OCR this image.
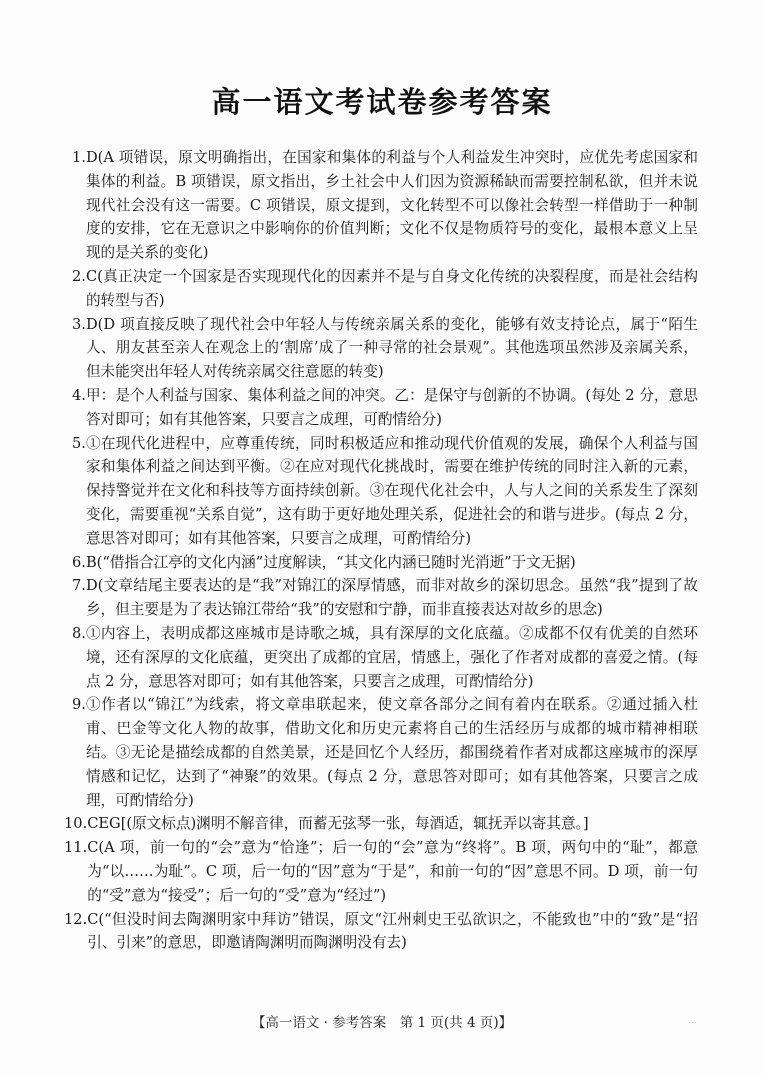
高一语文考试卷参考答案
1. D(A 项错误，原文明确指出，在国家和集体的利益与个人利益发生冲突时，应优先考虑国家和集体的利益。B 项错误，原文指出，乡土社会中人们因为资源稀缺而需要控制私欲，但并未说现代社会没有这一需要。C 项错误，原文提到，文化转型不可以像社会转型一样借助于一种制度的安排，它在无意识之中影响你的价值判断；文化不仅是物质符号的变化，最根本意义上呈现的是关系的变化)
2. C(真正决定一个国家是否实现现代化的因素并不是与自身文化传统的决裂程度，而是社会结构的转型与否)
3. D(D 项直接反映了现代社会中年轻人与传统亲属关系的变化，能够有效支持论点，属于“陌生人、朋友甚至亲人在观念上的‘割席’成了一种寻常的社会景观”。其他选项虽然涉及亲属关系，但未能突出年轻人对传统亲属交往意愿的转变)
4. 甲：是个人利益与国家、集体利益之间的冲突。乙：是保守与创新的不协调。(每处 2 分，意思答对即可；如有其他答案，只要言之成理，可酌情给分)
5. ①在现代化进程中，应尊重传统，同时积极适应和推动现代价值观的发展，确保个人利益与国家和集体利益之间达到平衡。②在应对现代化挑战时，需要在维护传统的同时注入新的元素，保持警觉并在文化和科技等方面持续创新。③在现代化社会中，人与人之间的关系发生了深刻变化，需要重视“关系自觉”，这有助于更好地处理关系，促进社会的和谐与进步。(每点 2 分，意思答对即可；如有其他答案，只要言之成理，可酌情给分)
6. B(“借指合江亭的文化内涵”过度解读，“其文化内涵已随时光消逝”于文无据)
7. D(文章结尾主要表达的是“我”对锦江的深厚情感，而非对故乡的深切思念。虽然“我”提到了故乡，但主要是为了表达锦江带给“我”的安慰和宁静，而非直接表达对故乡的思念)
8. ①内容上，表明成都这座城市是诗歌之城，具有深厚的文化底蕴。②成都不仅有优美的自然环境，还有深厚的文化底蕴，更突出了成都的宜居，情感上，强化了作者对成都的喜爱之情。(每点 2 分，意思答对即可；如有其他答案，只要言之成理，可酌情给分)
9. ①作者以“锦江”为线索，将文章串联起来，使文章各部分之间有着内在联系。②通过插入杜甫、巴金等文化人物的故事，借助文化和历史元素将自己的生活经历与成都的城市精神相联结。③无论是描绘成都的自然美景，还是回忆个人经历，都围绕着作者对成都这座城市的深厚情感和记忆，达到了“神聚”的效果。(每点 2 分，意思答对即可；如有其他答案，只要言之成理，可酌情给分)
10. CEG[(原文标点)渊明不解音律，而蓄无弦琴一张，每酒适，辄抚弄以寄其意。]
11. C(A 项，前一句的“会”意为“恰逢”；后一句的“会”意为“终将”。B 项，两句中的“耻”，都意为“以……为耻”。C 项，后一句的“因”意为“于是”，和前一句的“因”意思不同。D 项，前一句的“受”意为“接受”；后一句的“受”意为“经过”)
12. C(“但没时间去陶渊明家中拜访”错误，原文“江州刺史王弘欲识之，不能致也”中的“致”是“招引、引来”的意思，即邀请陶渊明而陶渊明没有去)
【高一语文 · 参考答案　第 1 页(共 4 页)】	…
